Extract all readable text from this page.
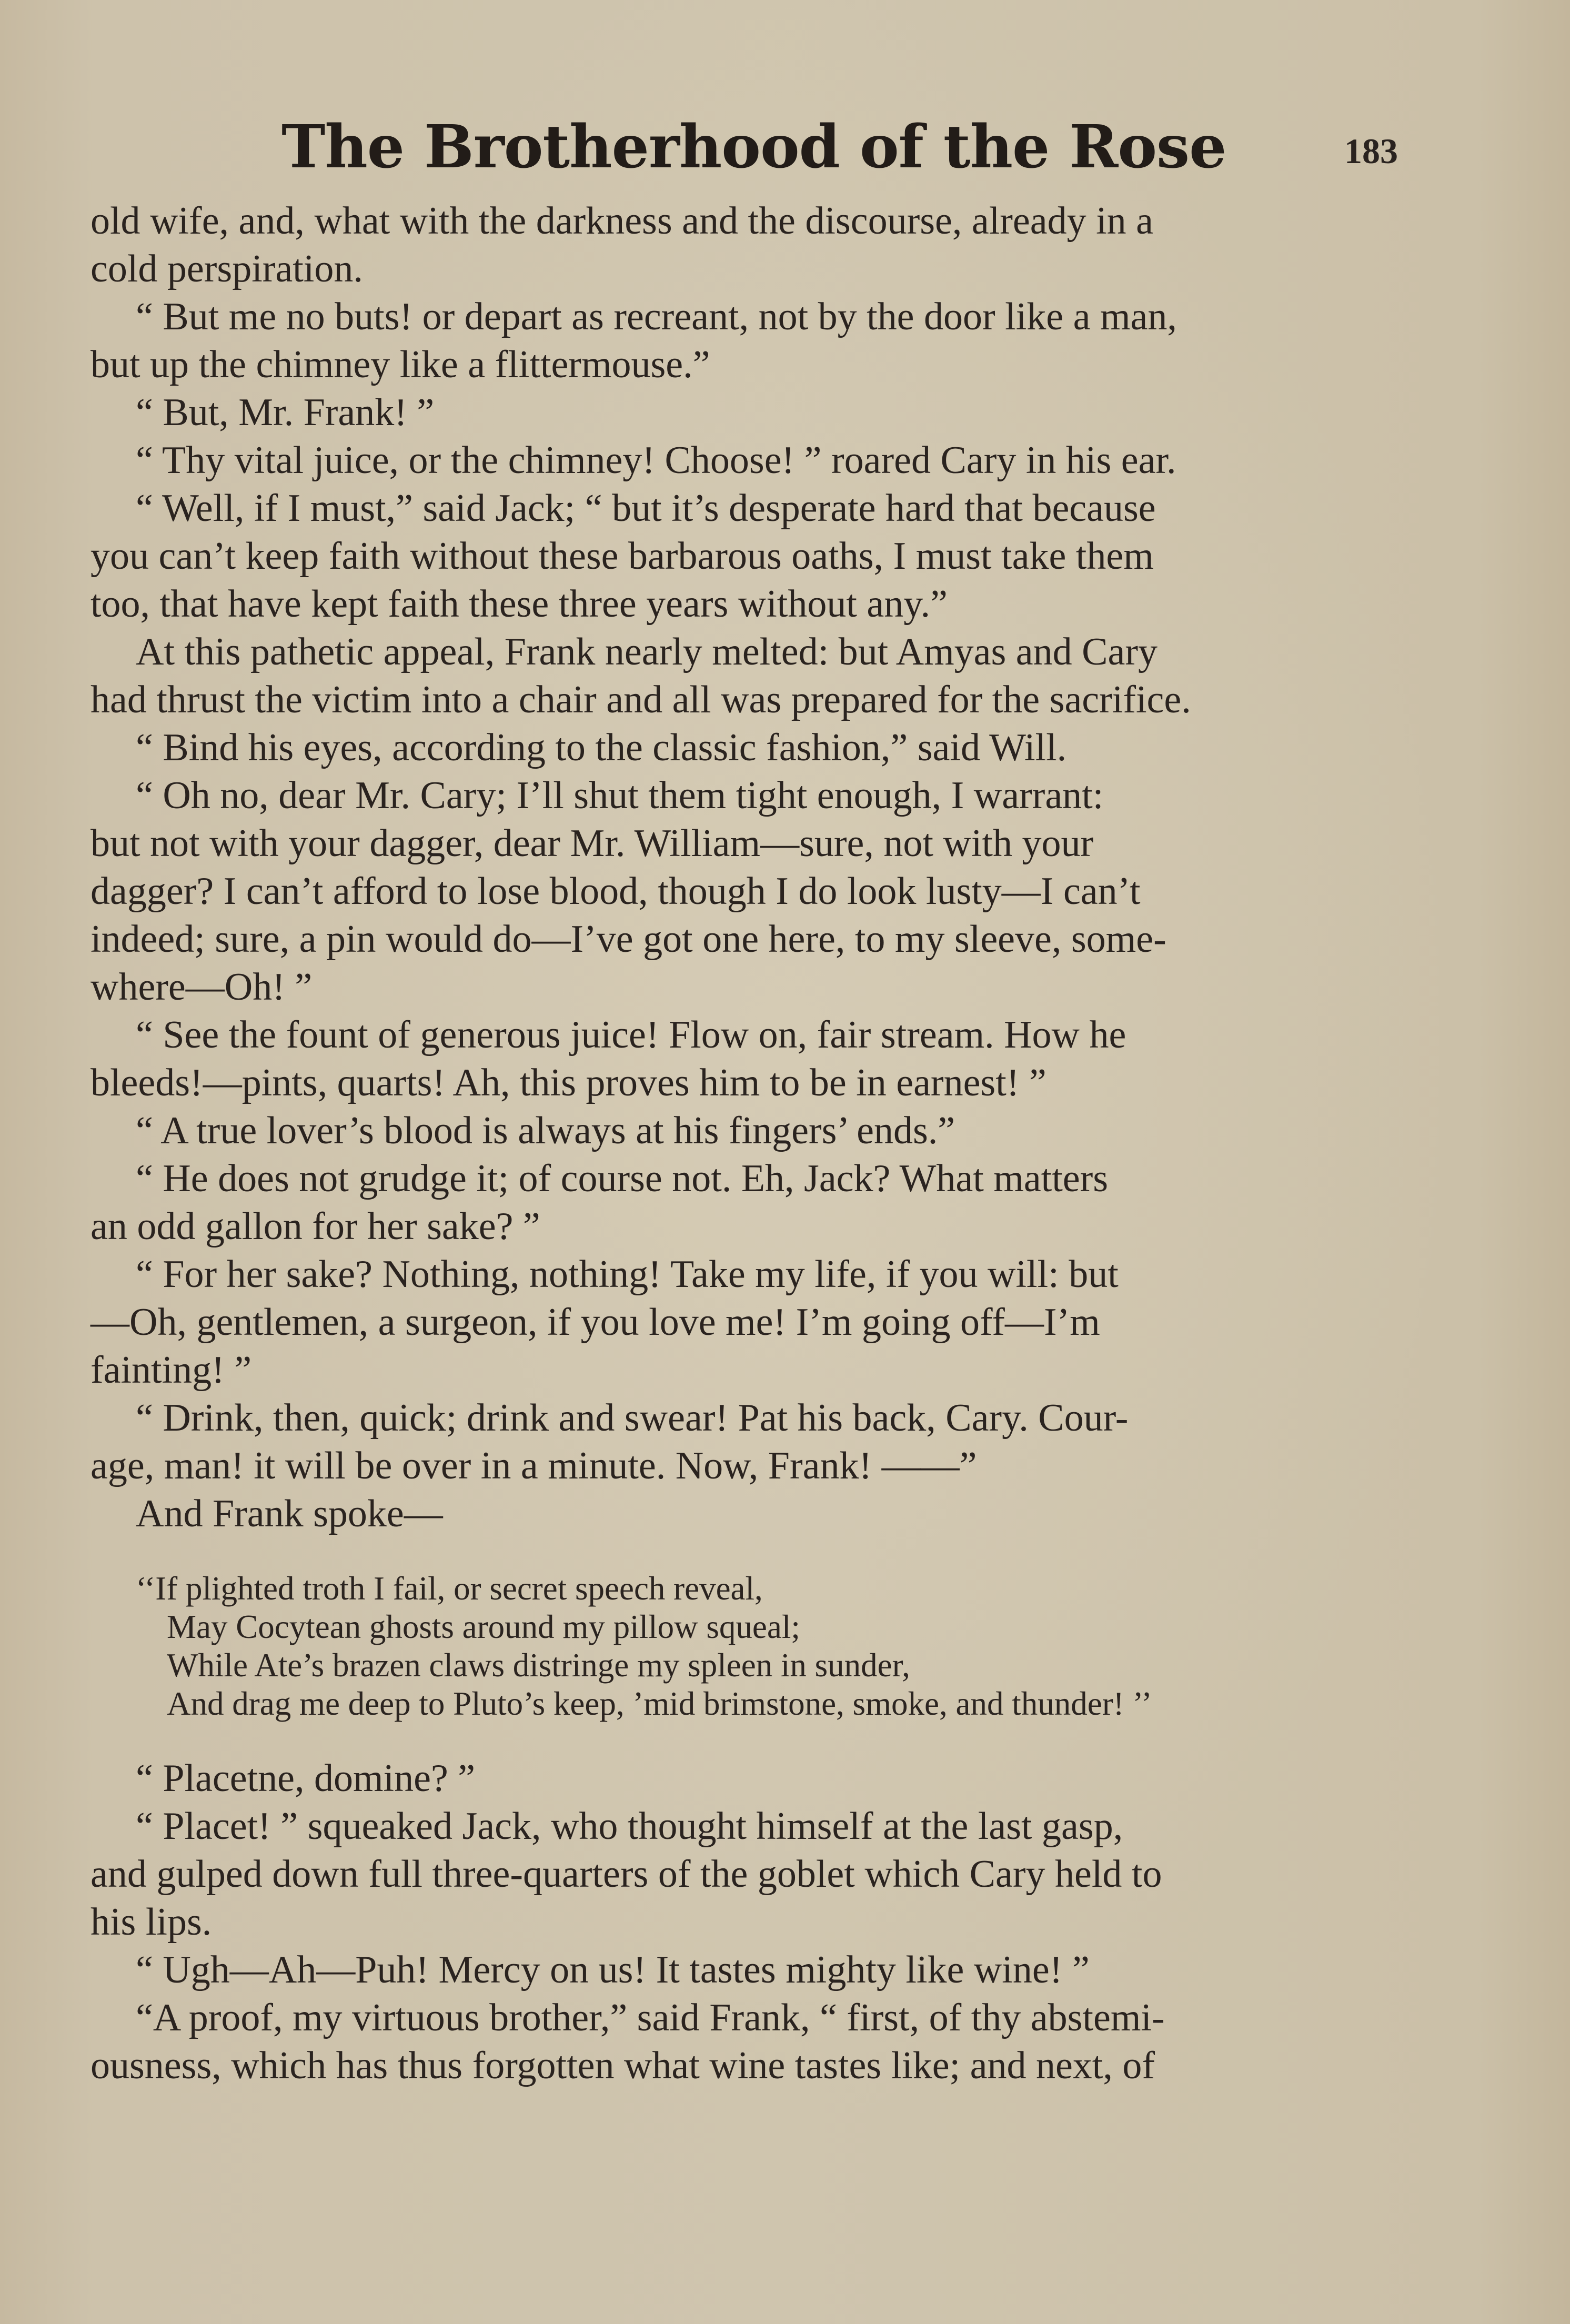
The Brotherhood of the Rose	183
old wife, and, what with the darkness and the discourse, already in a
cold perspiration.
“ But me no buts! or depart as recreant, not by the door like a man,
but up the chimney like a flittermouse.”
“ But, Mr. Frank! ”
“ Thy vital juice, or the chimney! Choose! ” roared Cary in his ear.
“ Well, if I must,” said Jack; “ but it’s desperate hard that because
you can’t keep faith without these barbarous oaths, I must take them
too, that have kept faith these three years without any.”
At this pathetic appeal, Frank nearly melted: but Amyas and Cary
had thrust the victim into a chair and all was prepared for the sacrifice.
“ Bind his eyes, according to the classic fashion,” said Will.
“ Oh no, dear Mr. Cary; I’ll shut them tight enough, I warrant:
but not with your dagger, dear Mr. William—sure, not with your
dagger? I can’t afford to lose blood, though I do look lusty—I can’t
indeed; sure, a pin would do—I’ve got one here, to my sleeve, some-
where—Oh! ”
“ See the fount of generous juice! Flow on, fair stream. How he
bleeds!—pints, quarts! Ah, this proves him to be in earnest! ”
“ A true lover’s blood is always at his fingers’ ends.”
“ He does not grudge it; of course not. Eh, Jack? What matters
an odd gallon for her sake? ”
“ For her sake? Nothing, nothing! Take my life, if you will: but
—Oh, gentlemen, a surgeon, if you love me! I’m going off—I’m
fainting! ”
“ Drink, then, quick; drink and swear! Pat his back, Cary. Cour-
age, man! it will be over in a minute. Now, Frank! ——”
And Frank spoke—
‘‘If plighted troth I fail, or secret speech reveal,
May Cocytean ghosts around my pillow squeal;
While Ate’s brazen claws distringe my spleen in sunder,
And drag me deep to Pluto’s keep, ’mid brimstone, smoke, and thunder! ’’
“ Placetne, domine? ”
“ Placet! ” squeaked Jack, who thought himself at the last gasp,
and gulped down full three-quarters of the goblet which Cary held to
his lips.
“ Ugh—Ah—Puh! Mercy on us! It tastes mighty like wine! ”
“A proof, my virtuous brother,” said Frank, “ first, of thy abstemi-
ousness, which has thus forgotten what wine tastes like; and next, of
